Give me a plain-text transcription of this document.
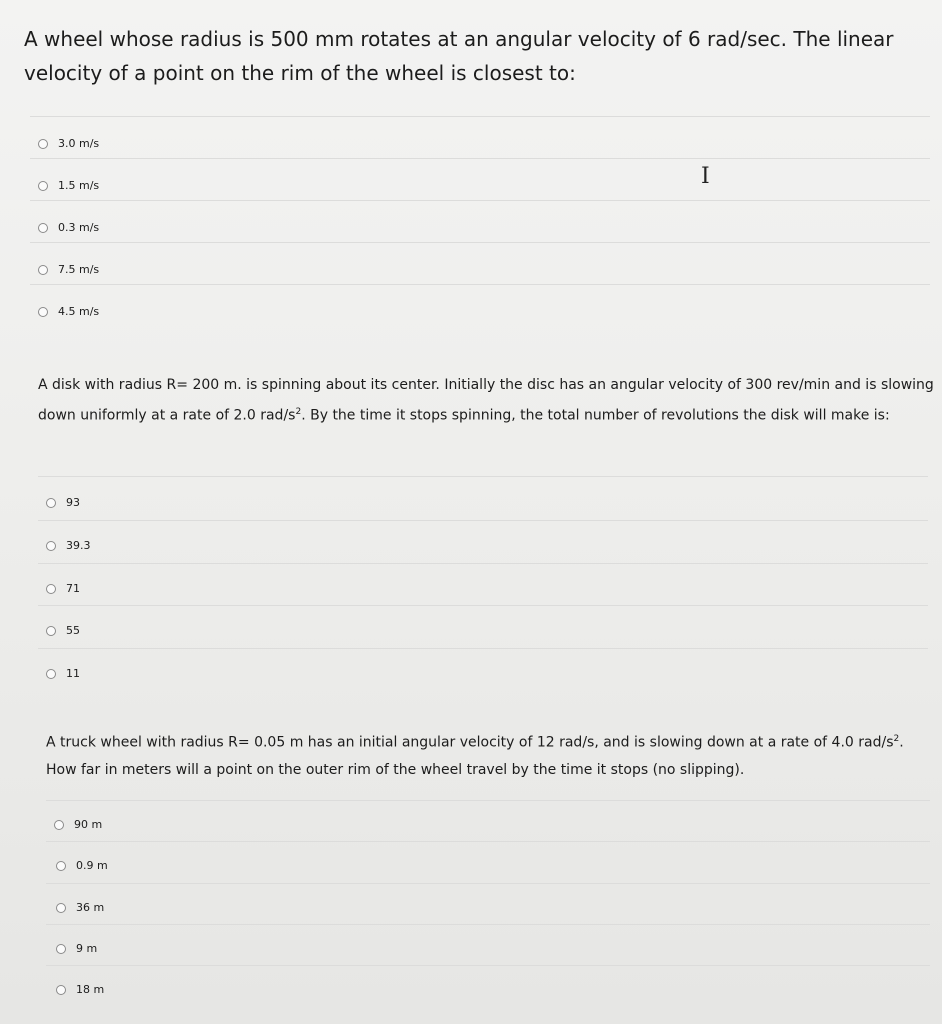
A wheel whose radius is 500 mm rotates at an angular velocity of 6 rad/sec. The linear velocity of a point on the rim of the wheel is closest to:
3.0 m/s
1.5 m/s
0.3 m/s
7.5 m/s
4.5 m/s
I
A disk with radius R= 200 m. is spinning about its center. Initially the disc has an angular velocity of 300 rev/min and is slowing down uniformly at a rate of 2.0 rad/$s^2$. By the time it stops spinning, the total number of revolutions the disk will make is:
93
39.3
71
55
11
A truck wheel with radius R= 0.05 m has an initial angular velocity of 12 rad/s, and is slowing down at a rate of 4.0 rad/$s^2$. How far in meters will a point on the outer rim of the wheel travel by the time it stops (no slipping).
90 m
0.9 m
36 m
9 m
18 m
